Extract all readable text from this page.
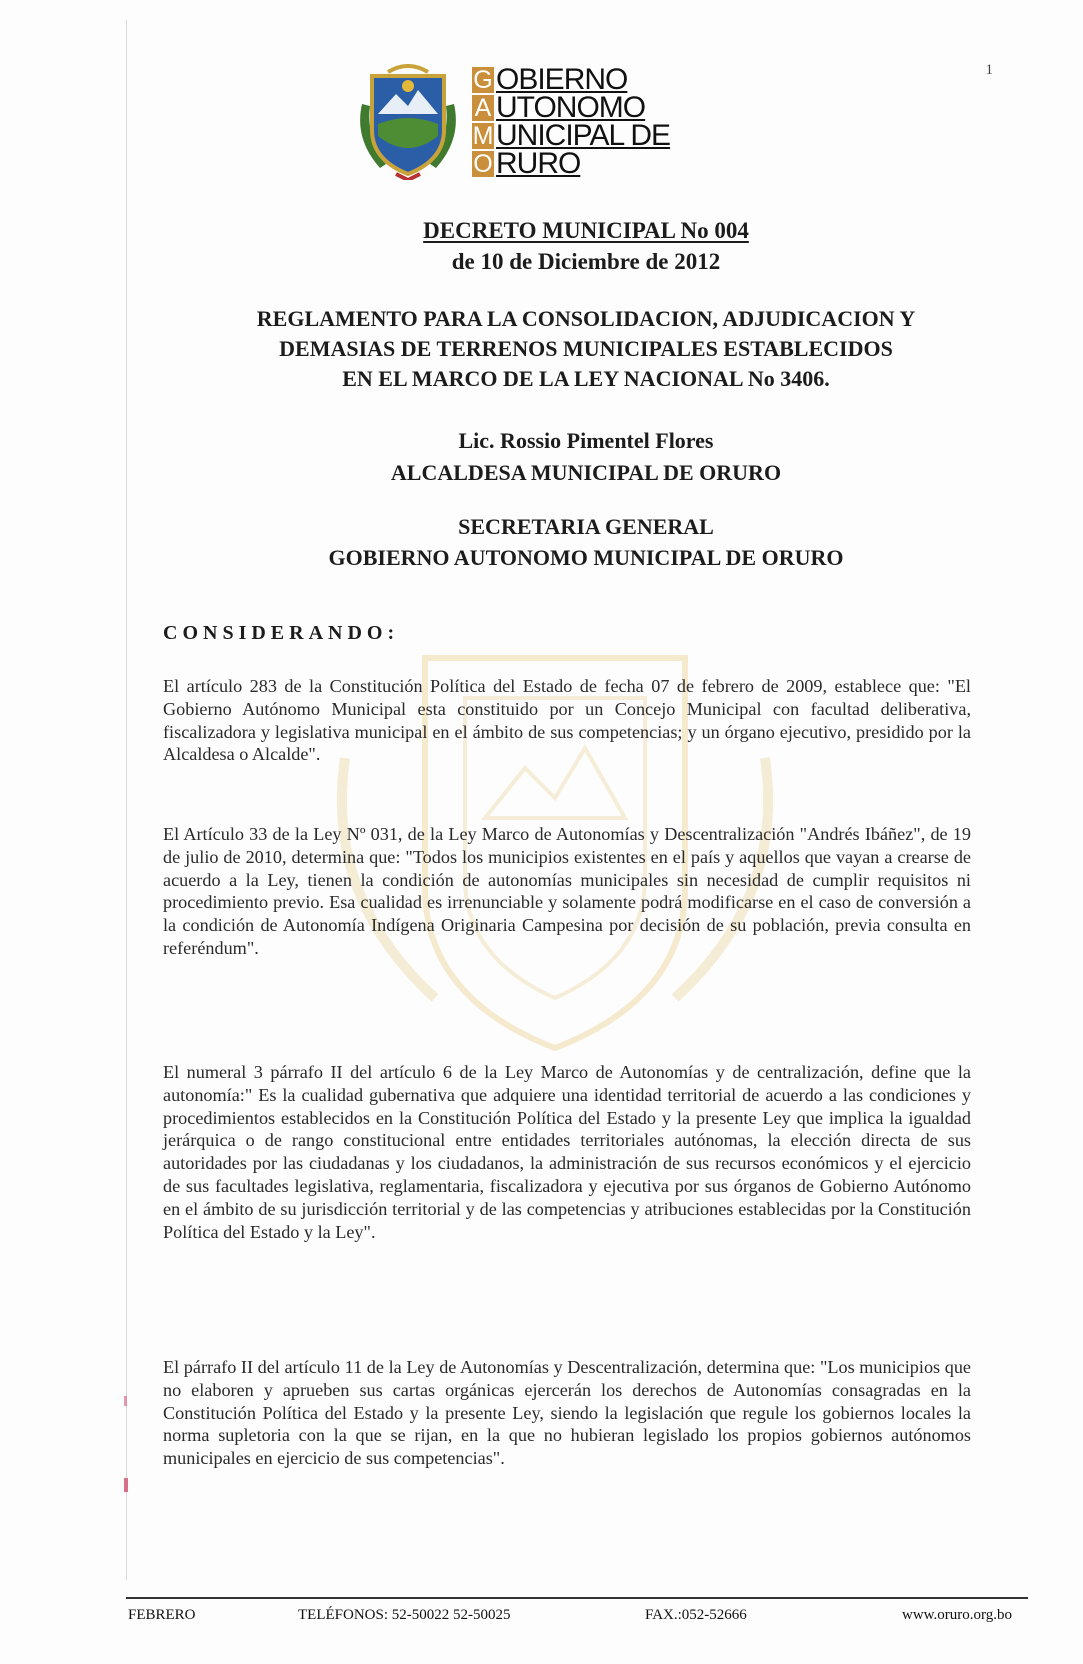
1
G OBIERNO
A UTONOMO
M UNICIPAL DE
O RURO
DECRETO MUNICIPAL No 004
de 10 de Diciembre de 2012
REGLAMENTO PARA LA CONSOLIDACION, ADJUDICACION Y
DEMASIAS DE TERRENOS MUNICIPALES ESTABLECIDOS
EN EL MARCO DE LA LEY NACIONAL No 3406.
Lic. Rossio Pimentel Flores
ALCALDESA MUNICIPAL DE ORURO
SECRETARIA GENERAL
GOBIERNO AUTONOMO MUNICIPAL DE ORURO
CONSIDERANDO:
El artículo 283 de la Constitución Política del Estado de fecha 07 de febrero de 2009, establece que: "El Gobierno Autónomo Municipal esta constituido por un Concejo Municipal con facultad deliberativa, fiscalizadora y legislativa municipal en el ámbito de sus competencias; y un órgano ejecutivo, presidido por la Alcaldesa o Alcalde".
El Artículo 33 de la Ley Nº 031, de la Ley Marco de Autonomías y Descentralización "Andrés Ibáñez", de 19 de julio de 2010, determina que: "Todos los municipios existentes en el país y aquellos que vayan a crearse de acuerdo a la Ley, tienen la condición de autonomías municipales sin necesidad de cumplir requisitos ni procedimiento previo. Esa cualidad es irrenunciable y solamente podrá modificarse en el caso de conversión a la condición de Autonomía Indígena Originaria Campesina por decisión de su población, previa consulta en referéndum".
El numeral 3 párrafo II del artículo 6 de la Ley Marco de Autonomías y de centralización, define que la autonomía:" Es la cualidad gubernativa que adquiere una identidad territorial de acuerdo a las condiciones y procedimientos establecidos en la Constitución Política del Estado y la presente Ley que implica la igualdad jerárquica o de rango constitucional entre entidades territoriales autónomas, la elección directa de sus autoridades por las ciudadanas y los ciudadanos, la administración de sus recursos económicos y el ejercicio de sus facultades legislativa, reglamentaria, fiscalizadora y ejecutiva por sus órganos de Gobierno Autónomo en el ámbito de su jurisdicción territorial y de las competencias y atribuciones establecidas por la Constitución Política del Estado y la Ley".
El párrafo II del artículo 11 de la Ley de Autonomías y Descentralización, determina que: "Los municipios que no elaboren y aprueben sus cartas orgánicas ejercerán los derechos de Autonomías consagradas en la Constitución Política del Estado y la presente Ley, siendo la legislación que regule los gobiernos locales la norma supletoria con la que se rijan, en la que no hubieran legislado los propios gobiernos autónomos municipales en ejercicio de sus competencias".
FEBRERO	TELÉFONOS: 52-50022 52-50025	FAX.:052-52666	www.oruro.org.bo
